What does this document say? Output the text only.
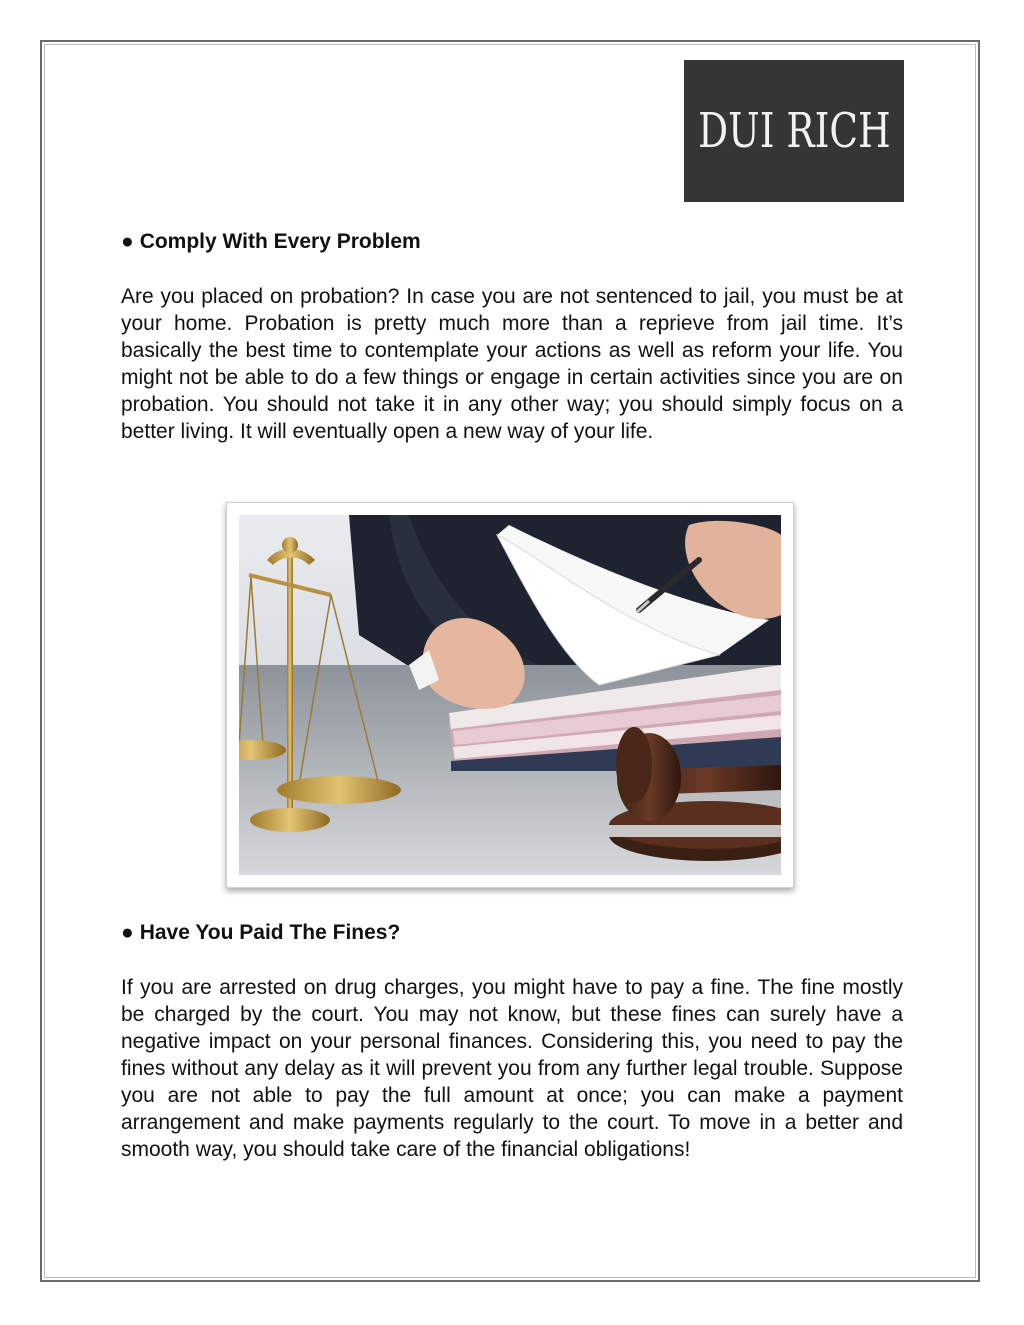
DUI RICH
● Comply With Every Problem

Are you placed on probation? In case you are not sentenced to jail, you must be at your home. Probation is pretty much more than a reprieve from jail time. It’s basically the best time to contemplate your actions as well as reform your life. You might not be able to do a few things or engage in certain activities since you are on probation. You should not take it in any other way; you should simply focus on a better living. It will eventually open a new way of your life.

● Have You Paid The Fines?

If you are arrested on drug charges, you might have to pay a fine. The fine mostly be charged by the court. You may not know, but these fines can surely have a negative impact on your personal finances. Considering this, you need to pay the fines without any delay as it will prevent you from any further legal trouble. Suppose you are not able to pay the full amount at once; you can make a payment arrangement and make payments regularly to the court. To move in a better and smooth way, you should take care of the financial obligations!
